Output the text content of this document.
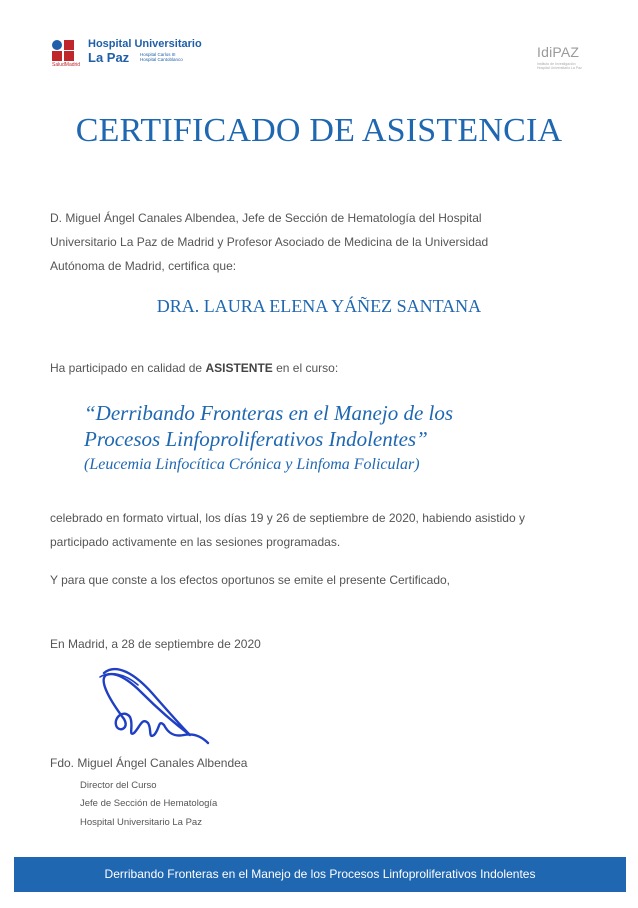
SaludMadrid
Hospital Universitario
La Paz Hospital Carlos III Hospital Cantoblanco	IdiPAZ
Instituto de Investigación Hospital Universitario La Paz
CERTIFICADO DE ASISTENCIA
D. Miguel Ángel Canales Albendea, Jefe de Sección de Hematología del Hospital
Universitario La Paz de Madrid y Profesor Asociado de Medicina de la Universidad
Autónoma de Madrid, certifica que:
DRA. LAURA ELENA YÁÑEZ SANTANA
Ha participado en calidad de ASISTENTE en el curso:
“Derribando Fronteras en el Manejo de los
Procesos Linfoproliferativos Indolentes”
(Leucemia Linfocítica Crónica y Linfoma Folicular)
celebrado en formato virtual, los días 19 y 26 de septiembre de 2020, habiendo asistido y
participado activamente en las sesiones programadas.
Y para que conste a los efectos oportunos se emite el presente Certificado,
En Madrid, a 28 de septiembre de 2020
Fdo. Miguel Ángel Canales Albendea
Director del Curso
Jefe de Sección de Hematología
Hospital Universitario La Paz
Derribando Fronteras en el Manejo de los Procesos Linfoproliferativos Indolentes
